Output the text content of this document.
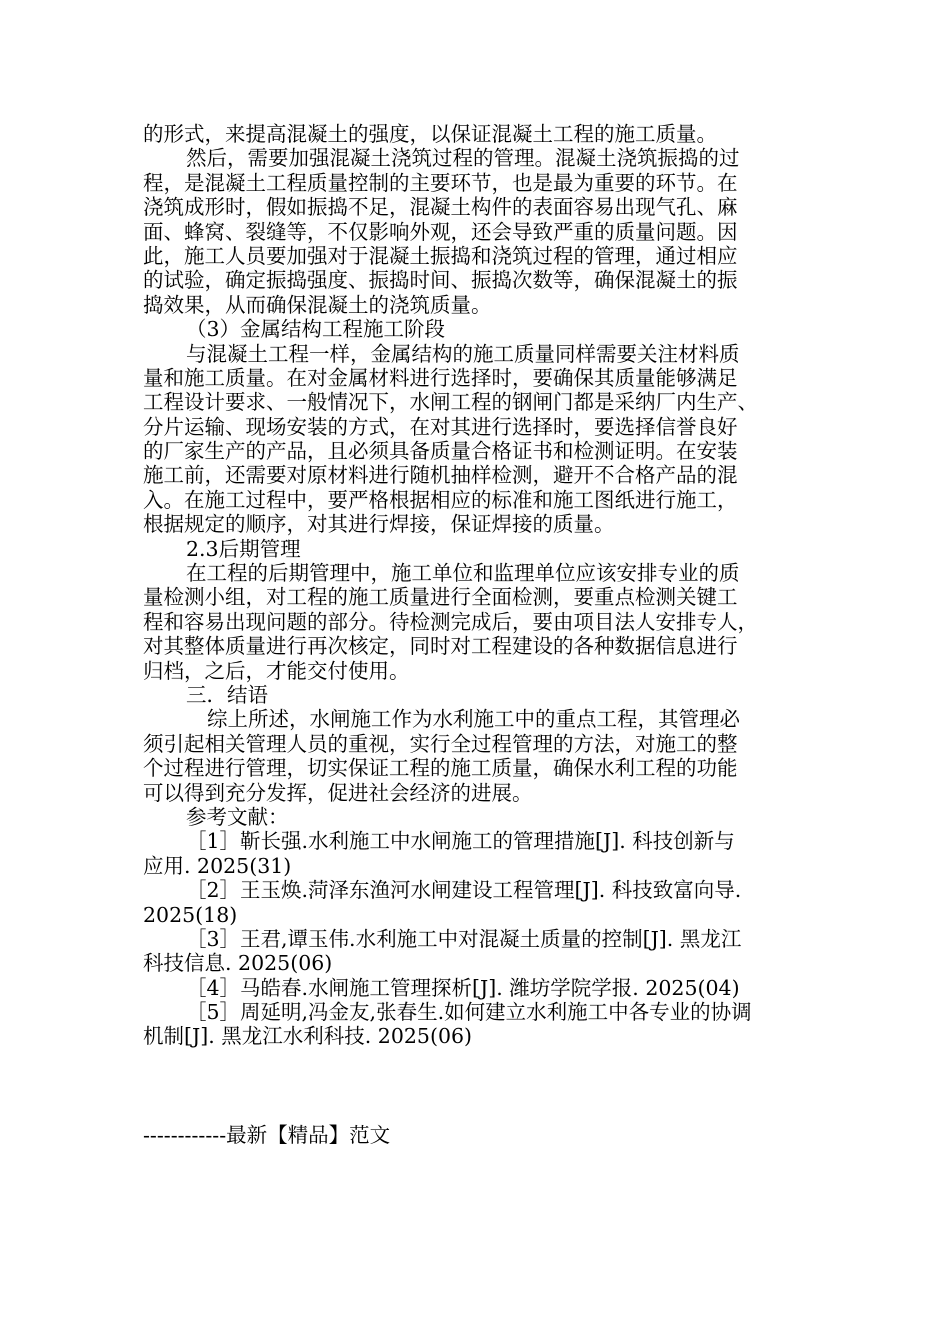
的形式，来提高混凝土的强度，以保证混凝土工程的施工质量。
然后，需要加强混凝土浇筑过程的管理。混凝土浇筑振捣的过
程，是混凝土工程质量控制的主要环节，也是最为重要的环节。在
浇筑成形时，假如振捣不足，混凝土构件的表面容易出现气孔、麻
面、蜂窝、裂缝等，不仅影响外观，还会导致严重的质量问题。因
此，施工人员要加强对于混凝土振捣和浇筑过程的管理，通过相应
的试验，确定振捣强度、振捣时间、振捣次数等，确保混凝土的振
捣效果，从而确保混凝土的浇筑质量。
（3）金属结构工程施工阶段
与混凝土工程一样，金属结构的施工质量同样需要关注材料质
量和施工质量。在对金属材料进行选择时，要确保其质量能够满足
工程设计要求、一般情况下，水闸工程的钢闸门都是采纳厂内生产、
分片运输、现场安装的方式，在对其进行选择时，要选择信誉良好
的厂家生产的产品，且必须具备质量合格证书和检测证明。在安装
施工前，还需要对原材料进行随机抽样检测，避开不合格产品的混
入。在施工过程中，要严格根据相应的标准和施工图纸进行施工，
根据规定的顺序，对其进行焊接，保证焊接的质量。
2.3后期管理
在工程的后期管理中，施工单位和监理单位应该安排专业的质
量检测小组，对工程的施工质量进行全面检测，要重点检测关键工
程和容易出现问题的部分。待检测完成后，要由项目法人安排专人，
对其整体质量进行再次核定，同时对工程建设的各种数据信息进行
归档，之后，才能交付使用。
三．结语
综上所述，水闸施工作为水利施工中的重点工程，其管理必
须引起相关管理人员的重视，实行全过程管理的方法，对施工的整
个过程进行管理，切实保证工程的施工质量，确保水利工程的功能
可以得到充分发挥，促进社会经济的进展。
参考文献：
［1］靳长强.水利施工中水闸施工的管理措施[J]. 科技创新与
应用. 2025(31)
［2］王玉焕.菏泽东渔河水闸建设工程管理[J]. 科技致富向导.
2025(18)
［3］王君,谭玉伟.水利施工中对混凝土质量的控制[J]. 黑龙江
科技信息. 2025(06)
［4］马皓春.水闸施工管理探析[J]. 潍坊学院学报. 2025(04)
［5］周延明,冯金友,张春生.如何建立水利施工中各专业的协调
机制[J]. 黑龙江水利科技. 2025(06)
------------最新【精品】范文
